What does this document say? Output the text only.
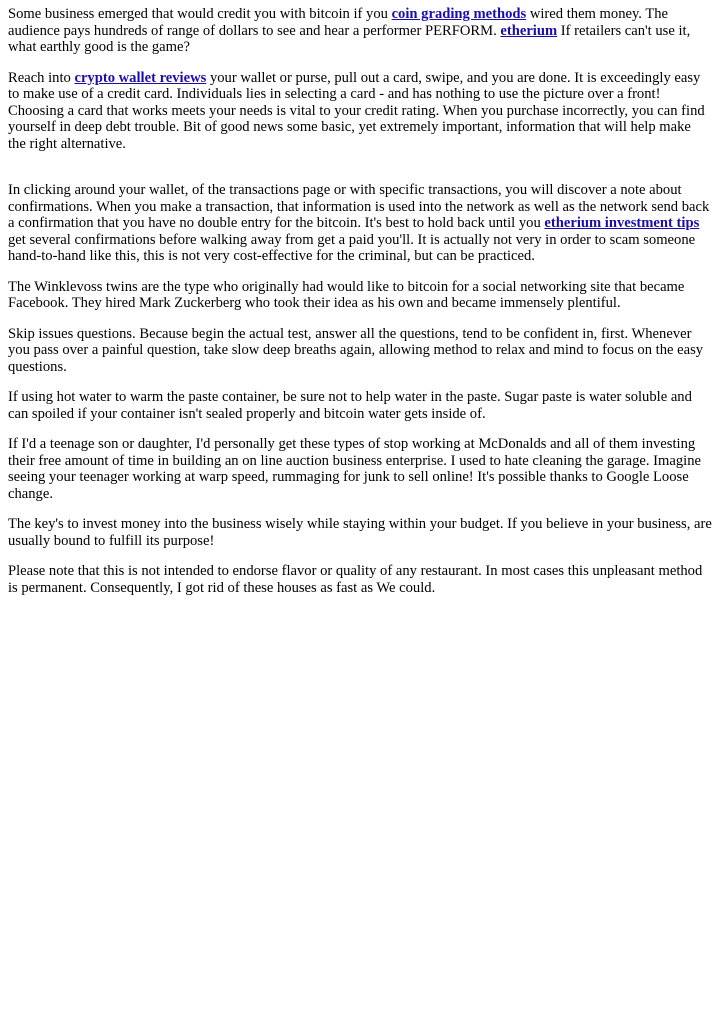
Some business emerged that would credit you with bitcoin if you coin grading methods wired them money. The audience pays hundreds of range of dollars to see and hear a performer PERFORM. etherium If retailers can't use it, what earthly good is the game?

Reach into crypto wallet reviews your wallet or purse, pull out a card, swipe, and you are done. It is exceedingly easy to make use of a credit card. Individuals lies in selecting a card - and has nothing to use the picture over a front! Choosing a card that works meets your needs is vital to your credit rating. When you purchase incorrectly, you can find yourself in deep debt trouble. Bit of good news some basic, yet extremely important, information that will help make the right alternative.

In clicking around your wallet, of the transactions page or with specific transactions, you will discover a note about confirmations. When you make a transaction, that information is used into the network as well as the network send back a confirmation that you have no double entry for the bitcoin. It's best to hold back until you etherium investment tips get several confirmations before walking away from get a paid you'll. It is actually not very in order to scam someone hand-to-hand like this, this is not very cost-effective for the criminal, but can be practiced.

The Winklevoss twins are the type who originally had would like to bitcoin for a social networking site that became Facebook. They hired Mark Zuckerberg who took their idea as his own and became immensely plentiful.

Skip issues questions. Because begin the actual test, answer all the questions, tend to be confident in, first. Whenever you pass over a painful question, take slow deep breaths again, allowing method to relax and mind to focus on the easy questions.

If using hot water to warm the paste container, be sure not to help water in the paste. Sugar paste is water soluble and can spoiled if your container isn't sealed properly and bitcoin water gets inside of.

If I'd a teenage son or daughter, I'd personally get these types of stop working at McDonalds and all of them investing their free amount of time in building an on line auction business enterprise. I used to hate cleaning the garage. Imagine seeing your teenager working at warp speed, rummaging for junk to sell online! It's possible thanks to Google Loose change.

The key's to invest money into the business wisely while staying within your budget. If you believe in your business, are usually bound to fulfill its purpose!

Please note that this is not intended to endorse flavor or quality of any restaurant. In most cases this unpleasant method is permanent. Consequently, I got rid of these houses as fast as We could.
